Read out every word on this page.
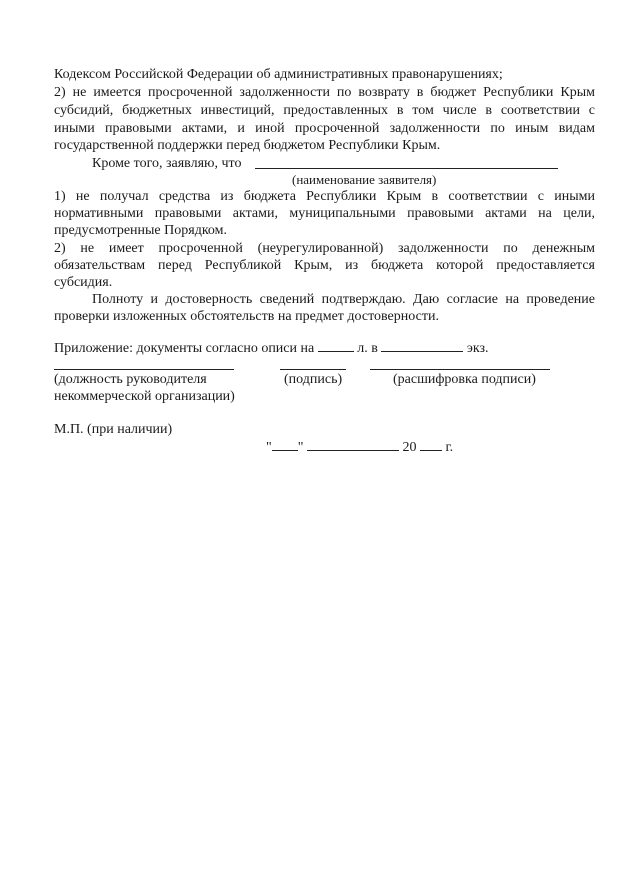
Кодексом Российской Федерации об административных правонарушениях;

2) не имеется просроченной задолженности по возврату в бюджет Республики Крым

субсидий, бюджетных инвестиций, предоставленных в том числе в соответствии с

иными правовыми актами, и иной просроченной задолженности по иным видам

государственной поддержки перед бюджетом Республики Крым.

Кроме того, заявляю, что

(наименование заявителя)

1) не получал средства из бюджета Республики Крым в соответствии с иными

нормативными правовыми актами, муниципальными правовыми актами на цели,

предусмотренные Порядком.

2) не имеет просроченной (неурегулированной) задолженности по денежным

обязательствам перед Республикой Крым, из бюджета которой предоставляется

субсидия.

Полноту и достоверность сведений подтверждаю. Даю согласие на проведение

проверки изложенных обстоятельств на предмет достоверности.

Приложение: документы согласно описи на	л. в	экз.

(должность руководителя	(подпись)	(расшифровка подписи)

некоммерческой организации)

М.П. (при наличии)

" "	20 г.
